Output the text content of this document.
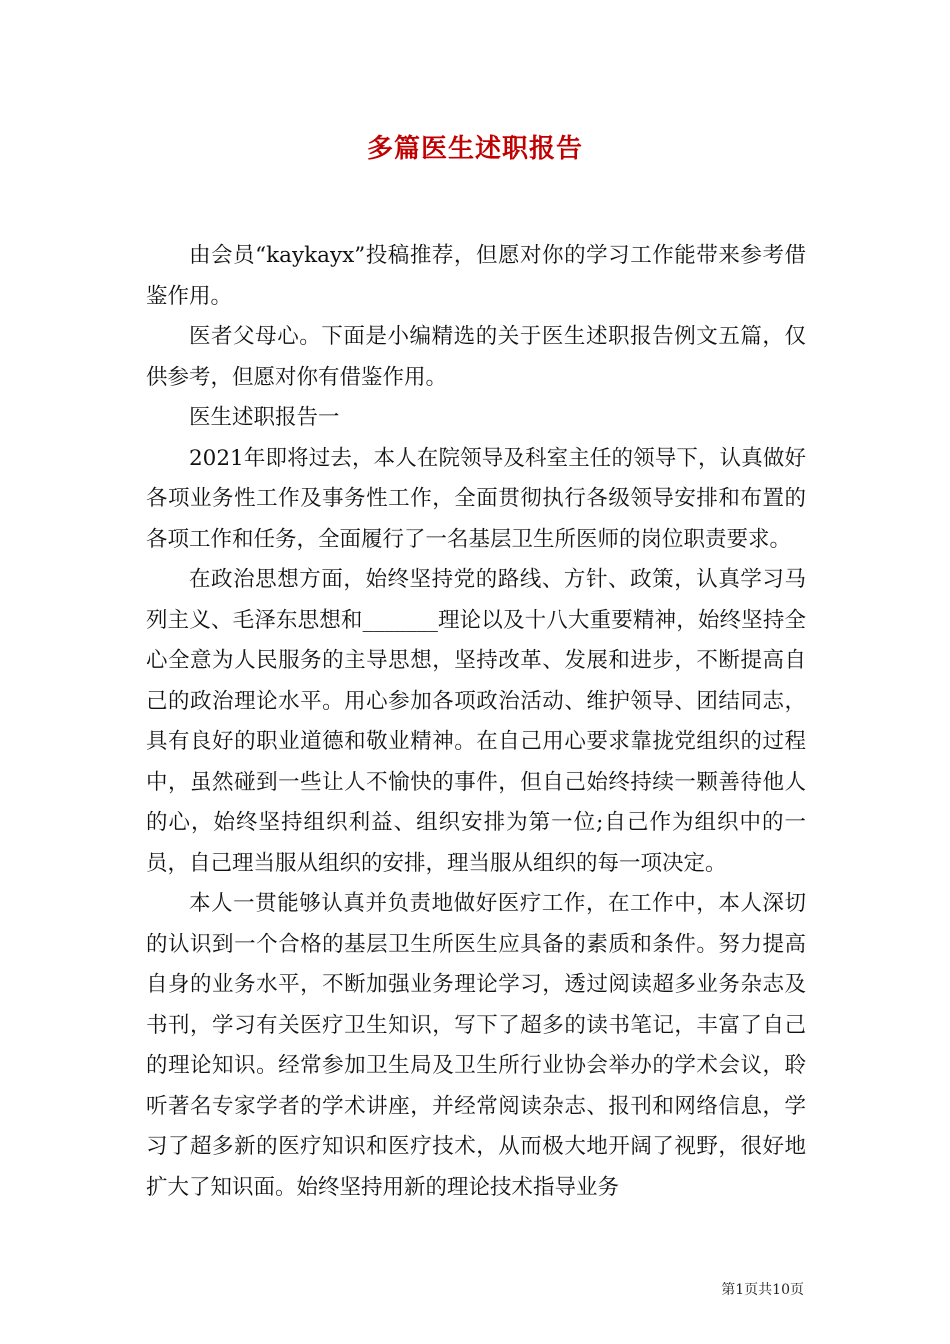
多篇医生述职报告

由会员“kaykayx”投稿推荐，但愿对你的学习工作能带来参考借鉴作用。

医者父母心。下面是小编精选的关于医生述职报告例文五篇，仅供参考，但愿对你有借鉴作用。

医生述职报告一

2021年即将过去，本人在院领导及科室主任的领导下，认真做好各项业务性工作及事务性工作，全面贯彻执行各级领导安排和布置的各项工作和任务，全面履行了一名基层卫生所医师的岗位职责要求。

在政治思想方面，始终坚持党的路线、方针、政策，认真学习马列主义、毛泽东思想和_______理论以及十八大重要精神，始终坚持全心全意为人民服务的主导思想，坚持改革、发展和进步，不断提高自己的政治理论水平。用心参加各项政治活动、维护领导、团结同志，具有良好的职业道德和敬业精神。在自己用心要求靠拢党组织的过程中，虽然碰到一些让人不愉快的事件，但自己始终持续一颗善待他人的心，始终坚持组织利益、组织安排为第一位;自己作为组织中的一员，自己理当服从组织的安排，理当服从组织的每一项决定。

本人一贯能够认真并负责地做好医疗工作，在工作中，本人深切的认识到一个合格的基层卫生所医生应具备的素质和条件。努力提高自身的业务水平，不断加强业务理论学习，透过阅读超多业务杂志及书刊，学习有关医疗卫生知识，写下了超多的读书笔记，丰富了自己的理论知识。经常参加卫生局及卫生所行业协会举办的学术会议，聆听著名专家学者的学术讲座，并经常阅读杂志、报刊和网络信息，学习了超多新的医疗知识和医疗技术，从而极大地开阔了视野，很好地扩大了知识面。始终坚持用新的理论技术指导业务

第1页共10页
